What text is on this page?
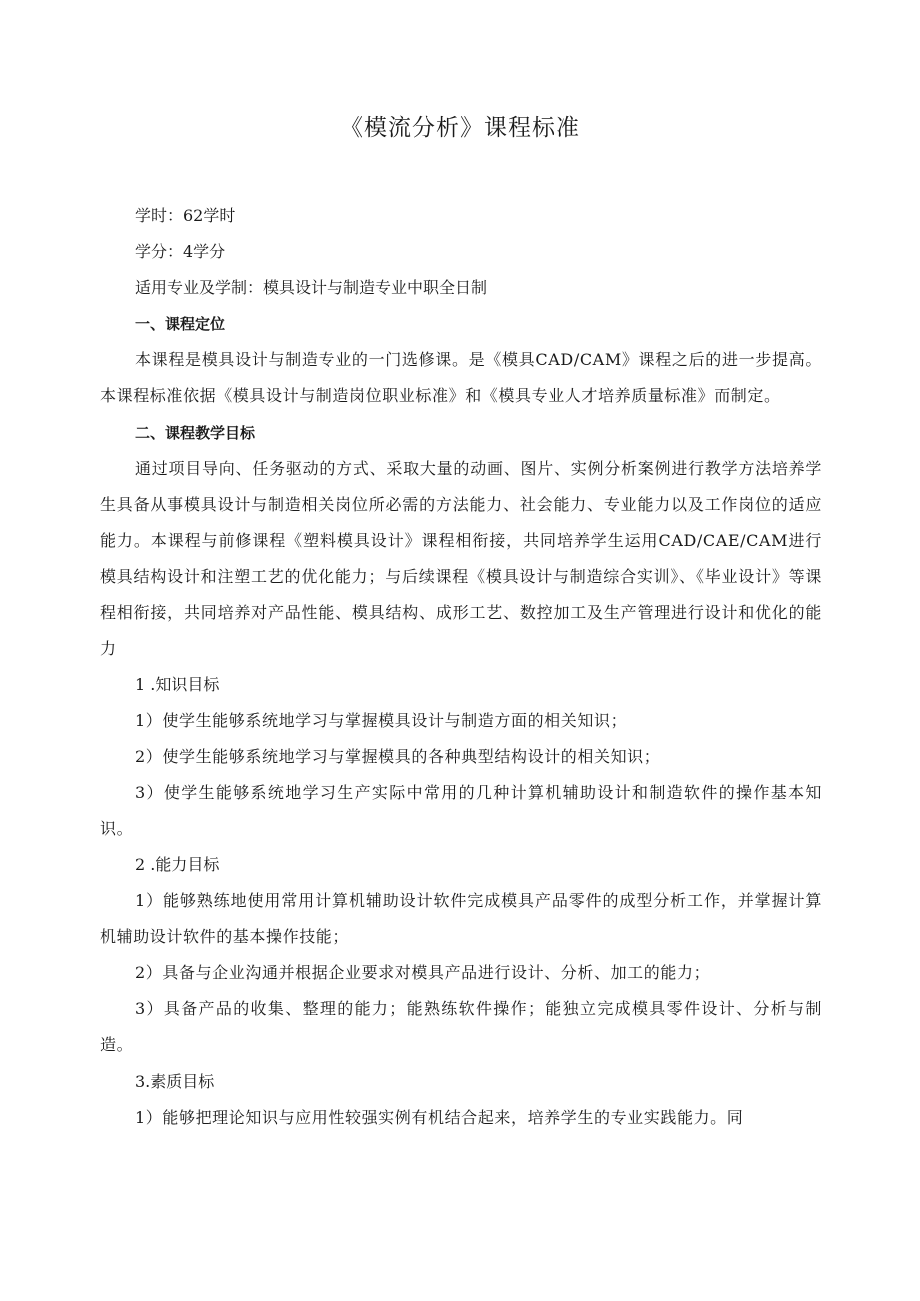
《模流分析》课程标准

学时：62学时

学分：4学分

适用专业及学制：模具设计与制造专业中职全日制

一、课程定位

本课程是模具设计与制造专业的一门选修课。是《模具CAD/CAM》课程之后的进一步提高。本课程标准依据《模具设计与制造岗位职业标准》和《模具专业人才培养质量标准》而制定。

二、课程教学目标

通过项目导向、任务驱动的方式、采取大量的动画、图片、实例分析案例进行教学方法培养学生具备从事模具设计与制造相关岗位所必需的方法能力、社会能力、专业能力以及工作岗位的适应能力。本课程与前修课程《塑料模具设计》课程相衔接，共同培养学生运用CAD/CAE/CAM进行模具结构设计和注塑工艺的优化能力；与后续课程《模具设计与制造综合实训》、《毕业设计》等课程相衔接，共同培养对产品性能、模具结构、成形工艺、数控加工及生产管理进行设计和优化的能力

1 .知识目标

1）使学生能够系统地学习与掌握模具设计与制造方面的相关知识；

2）使学生能够系统地学习与掌握模具的各种典型结构设计的相关知识；

3）使学生能够系统地学习生产实际中常用的几种计算机辅助设计和制造软件的操作基本知识。

2 .能力目标

1）能够熟练地使用常用计算机辅助设计软件完成模具产品零件的成型分析工作，并掌握计算机辅助设计软件的基本操作技能；

2）具备与企业沟通并根据企业要求对模具产品进行设计、分析、加工的能力；

3）具备产品的收集、整理的能力；能熟练软件操作；能独立完成模具零件设计、分析与制造。

3.素质目标

1）能够把理论知识与应用性较强实例有机结合起来，培养学生的专业实践能力。同
